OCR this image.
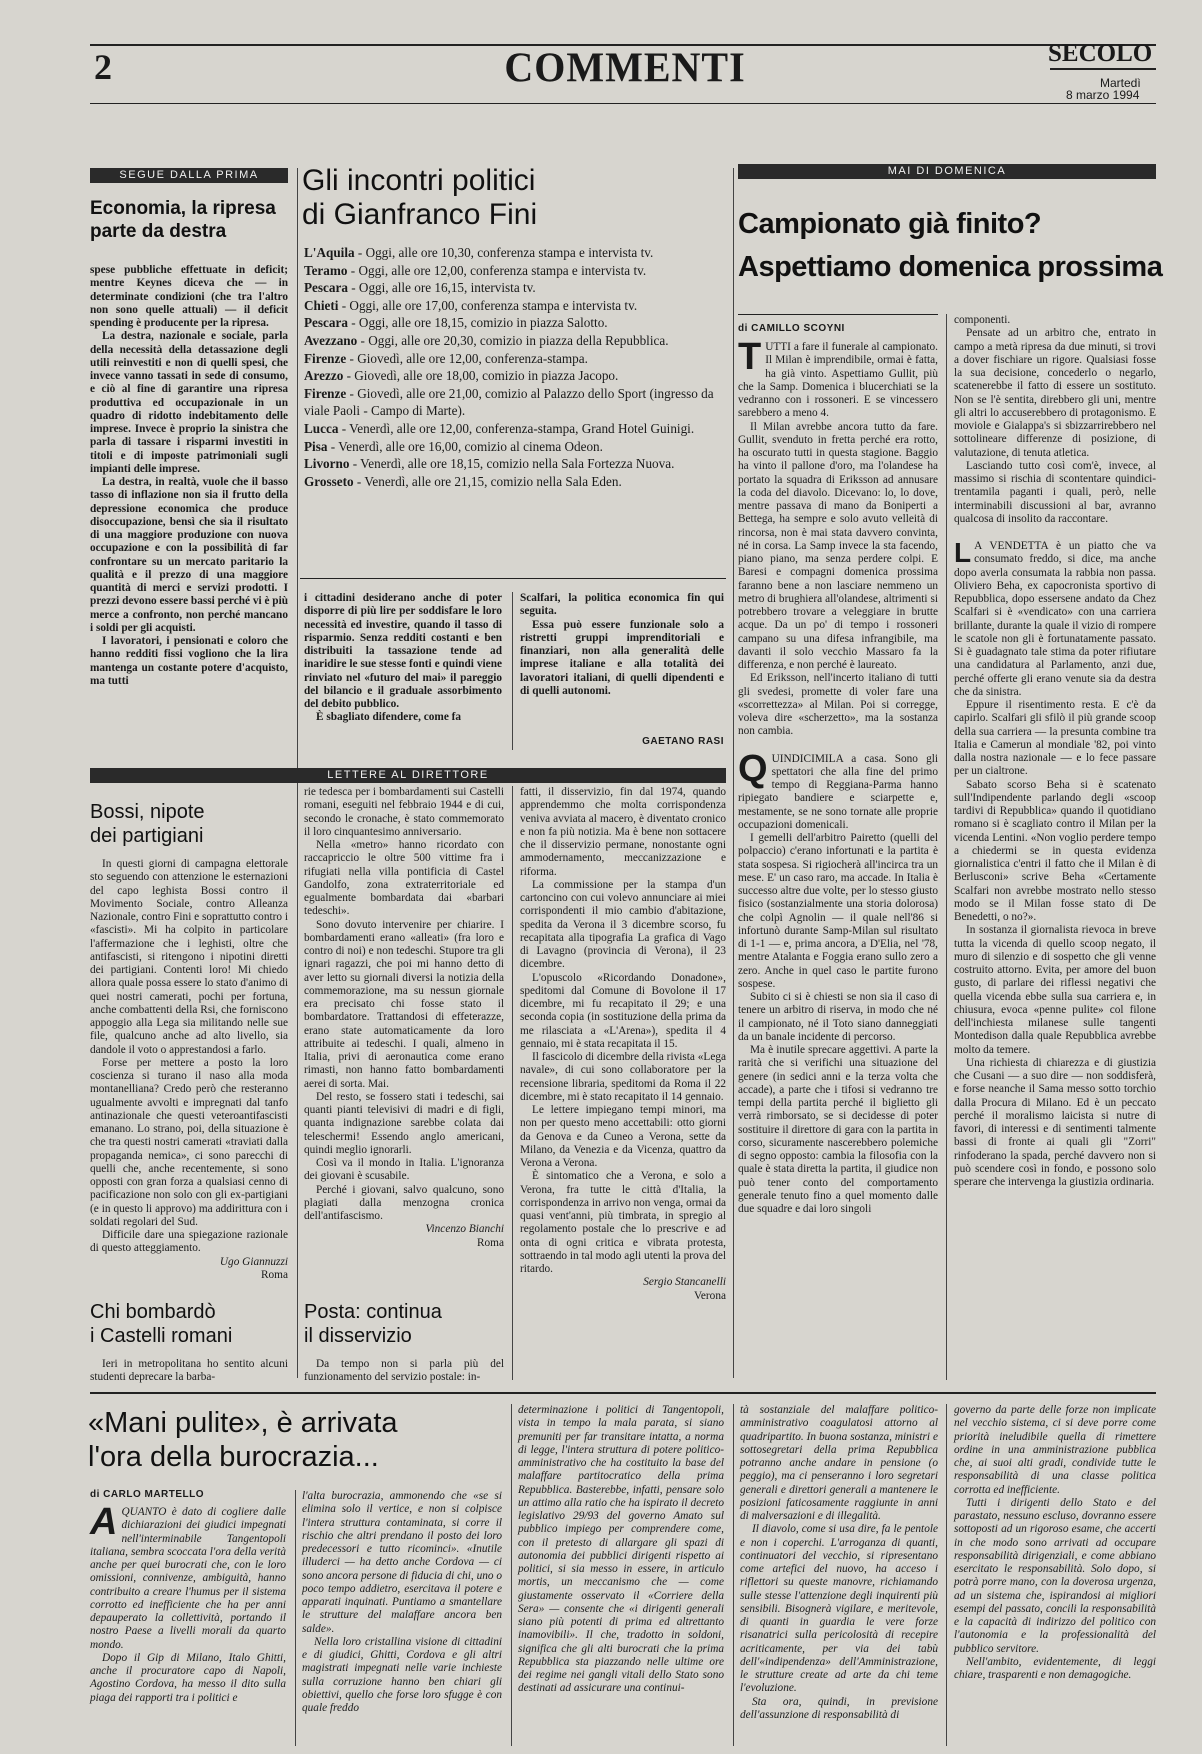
2	COMMENTI	SECOLO
Martedì
8 marzo 1994
SEGUE DALLA PRIMA
Economia, la ripresa parte da destra

spese pubbliche effettuate in deficit; mentre Keynes diceva che — in determinate condizioni (che tra l'altro non sono quelle attuali) — il deficit spending è producente per la ripresa.

La destra, nazionale e sociale, parla della necessità della detassazione degli utili reinvestiti e non di quelli spesi, che invece vanno tassati in sede di consumo, e ciò al fine di garantire una ripresa produttiva ed occupazionale in un quadro di ridotto indebitamento delle imprese. Invece è proprio la sinistra che parla di tassare i risparmi investiti in titoli e di imposte patrimoniali sugli impianti delle imprese.

La destra, in realtà, vuole che il basso tasso di inflazione non sia il frutto della depressione economica che produce disoccupazione, bensì che sia il risultato di una maggiore produzione con nuova occupazione e con la possibilità di far confrontare su un mercato paritario la qualità e il prezzo di una maggiore quantità di merci e servizi prodotti. I prezzi devono essere bassi perché vi è più merce a confronto, non perché mancano i soldi per gli acquisti.

I lavoratori, i pensionati e coloro che hanno redditi fissi vogliono che la lira mantenga un costante potere d'acquisto, ma tutti

Gli incontri politici
di Gianfranco Fini
L'Aquila - Oggi, alle ore 10,30, conferenza stampa e intervista tv.
Teramo - Oggi, alle ore 12,00, conferenza stampa e intervista tv.
Pescara - Oggi, alle ore 16,15, intervista tv.
Chieti - Oggi, alle ore 17,00, conferenza stampa e intervista tv.
Pescara - Oggi, alle ore 18,15, comizio in piazza Salotto.
Avezzano - Oggi, alle ore 20,30, comizio in piazza della Repubblica.
Firenze - Giovedì, alle ore 12,00, conferenza-stampa.
Arezzo - Giovedì, alle ore 18,00, comizio in piazza Jacopo.
Firenze - Giovedì, alle ore 21,00, comizio al Palazzo dello Sport (ingresso da viale Paoli - Campo di Marte).
Lucca - Venerdì, alle ore 12,00, conferenza-stampa, Grand Hotel Guinigi.
Pisa - Venerdì, alle ore 16,00, comizio al cinema Odeon.
Livorno - Venerdì, alle ore 18,15, comizio nella Sala Fortezza Nuova.
Grosseto - Venerdì, alle ore 21,15, comizio nella Sala Eden.

i cittadini desiderano anche di poter disporre di più lire per soddisfare le loro necessità ed investire, quando il tasso di risparmio. Senza redditi costanti e ben distribuiti la tassazione tende ad inaridire le sue stesse fonti e quindi viene rinviato nel «futuro del mai» il pareggio del bilancio e il graduale assorbimento del debito pubblico.

È sbagliato difendere, come fa

Scalfari, la politica economica fin qui seguita.

Essa può essere funzionale solo a ristretti gruppi imprenditoriali e finanziari, non alla generalità delle imprese italiane e alla totalità dei lavoratori italiani, di quelli dipendenti e di quelli autonomi.

GAETANO RASI
LETTERE AL DIRETTORE
Bossi, nipote
dei partigiani

In questi giorni di campagna elettorale sto seguendo con attenzione le esternazioni del capo leghista Bossi contro il Movimento Sociale, contro Alleanza Nazionale, contro Fini e soprattutto contro i «fascisti». Mi ha colpito in particolare l'affermazione che i leghisti, oltre che antifascisti, si ritengono i nipotini diretti dei partigiani. Contenti loro! Mi chiedo allora quale possa essere lo stato d'animo di quei nostri camerati, pochi per fortuna, anche combattenti della Rsi, che forniscono appoggio alla Lega sia militando nelle sue file, qualcuno anche ad alto livello, sia dandole il voto o apprestandosi a farlo.

Forse per mettere a posto la loro coscienza si turano il naso alla moda montanelliana? Credo però che resteranno ugualmente avvolti e impregnati dal tanfo antinazionale che questi veteroantifascisti emanano. Lo strano, poi, della situazione è che tra questi nostri camerati «traviati dalla propaganda nemica», ci sono parecchi di quelli che, anche recentemente, si sono opposti con gran forza a qualsiasi cenno di pacificazione non solo con gli ex-partigiani (e in questo li approvo) ma addirittura con i soldati regolari del Sud.

Difficile dare una spiegazione razionale di questo atteggiamento.

Ugo Giannuzzi
Roma
Chi bombardò
i Castelli romani

Ieri in metropolitana ho sentito alcuni studenti deprecare la barba-

rie tedesca per i bombardamenti sui Castelli romani, eseguiti nel febbraio 1944 e di cui, secondo le cronache, è stato commemorato il loro cinquantesimo anniversario.

Nella «metro» hanno ricordato con raccapriccio le oltre 500 vittime fra i rifugiati nella villa pontificia di Castel Gandolfo, zona extraterritoriale ed egualmente bombardata dai «barbari tedeschi».

Sono dovuto intervenire per chiarire. I bombardamenti erano «alleati» (fra loro e contro di noi) e non tedeschi. Stupore tra gli ignari ragazzi, che poi mi hanno detto di aver letto su giornali diversi la notizia della commemorazione, ma su nessun giornale era precisato chi fosse stato il bombardatore. Trattandosi di effeterazze, erano state automaticamente da loro attribuite ai tedeschi. I quali, almeno in Italia, privi di aeronautica come erano rimasti, non hanno fatto bombardamenti aerei di sorta. Mai.

Del resto, se fossero stati i tedeschi, sai quanti pianti televisivi di madri e di figli, quanta indignazione sarebbe colata dai teleschermi! Essendo anglo americani, quindi meglio ignorarli.

Così va il mondo in Italia. L'ignoranza dei giovani è scusabile.

Perché i giovani, salvo qualcuno, sono plagiati dalla menzogna cronica dell'antifascismo.

Vincenzo Bianchi
Roma
Posta: continua
il disservizio

Da tempo non si parla più del funzionamento del servizio postale: in-

fatti, il disservizio, fin dal 1974, quando apprendemmo che molta corrispondenza veniva avviata al macero, è diventato cronico e non fa più notizia. Ma è bene non sottacere che il disservizio permane, nonostante ogni ammodernamento, meccanizzazione e riforma.

La commissione per la stampa d'un cartoncino con cui volevo annunciare ai miei corrispondenti il mio cambio d'abitazione, spedita da Verona il 3 dicembre scorso, fu recapitata alla tipografia La grafica di Vago di Lavagno (provincia di Verona), il 23 dicembre.

L'opuscolo «Ricordando Donadone», speditomi dal Comune di Bovolone il 17 dicembre, mi fu recapitato il 29; e una seconda copia (in sostituzione della prima da me rilasciata a «L'Arena»), spedita il 4 gennaio, mi è stata recapitata il 15.

Il fascicolo di dicembre della rivista «Lega navale», di cui sono collaboratore per la recensione libraria, speditomi da Roma il 22 dicembre, mi è stato recapitato il 14 gennaio.

Le lettere impiegano tempi minori, ma non per questo meno accettabili: otto giorni da Genova e da Cuneo a Verona, sette da Milano, da Venezia e da Vicenza, quattro da Verona a Verona.

È sintomatico che a Verona, e solo a Verona, fra tutte le città d'Italia, la corrispondenza in arrivo non venga, ormai da quasi vent'anni, più timbrata, in spregio al regolamento postale che lo prescrive e ad onta di ogni critica e vibrata protesta, sottraendo in tal modo agli utenti la prova del ritardo.

Sergio Stancanelli
Verona
MAI DI DOMENICA
Campionato già finito?
Aspettiamo domenica prossima
di CAMILLO SCOYNI

TUTTI a fare il funerale al campionato. Il Milan è imprendibile, ormai è fatta, ha già vinto. Aspettiamo Gullit, più che la Samp. Domenica i blucerchiati se la vedranno con i rossoneri. E se vincessero sarebbero a meno 4.

Il Milan avrebbe ancora tutto da fare. Gullit, svenduto in fretta perché era rotto, ha oscurato tutti in questa stagione. Baggio ha vinto il pallone d'oro, ma l'olandese ha portato la squadra di Eriksson ad annusare la coda del diavolo. Dicevano: lo, lo dove, mentre passava di mano da Boniperti a Bettega, ha sempre e solo avuto velleità di rincorsa, non è mai stata davvero convinta, né in corsa. La Samp invece la sta facendo, piano piano, ma senza perdere colpi. E Baresi e compagni domenica prossima faranno bene a non lasciare nemmeno un metro di brughiera all'olandese, altrimenti si potrebbero trovare a veleggiare in brutte acque. Da un po' di tempo i rossoneri campano su una difesa infrangibile, ma davanti il solo vecchio Massaro fa la differenza, e non perché è laureato.

Ed Eriksson, nell'incerto italiano di tutti gli svedesi, promette di voler fare una «scorrettezza» al Milan. Poi si corregge, voleva dire «scherzetto», ma la sostanza non cambia.

QUINDICIMILA a casa. Sono gli spettatori che alla fine del primo tempo di Reggiana-Parma hanno ripiegato bandiere e sciarpette e, mestamente, se ne sono tornate alle proprie occupazioni domenicali.

I gemelli dell'arbitro Pairetto (quelli del polpaccio) c'erano infortunati e la partita è stata sospesa. Si rigiocherà all'incirca tra un mese. E' un caso raro, ma accade. In Italia è successo altre due volte, per lo stesso giusto fisico (sostanzialmente una storia dolorosa) che colpì Agnolin — il quale nell'86 si infortunò durante Samp-Milan sul risultato di 1-1 — e, prima ancora, a D'Elia, nel '78, mentre Atalanta e Foggia erano sullo zero a zero. Anche in quel caso le partite furono sospese.

Subito ci si è chiesti se non sia il caso di tenere un arbitro di riserva, in modo che né il campionato, né il Toto siano danneggiati da un banale incidente di percorso.

Ma è inutile sprecare aggettivi. A parte la rarità che si verifichi una situazione del genere (in sedici anni e la terza volta che accade), a parte che i tifosi si vedranno tre tempi della partita perché il biglietto gli verrà rimborsato, se si decidesse di poter sostituire il direttore di gara con la partita in corso, sicuramente nascerebbero polemiche di segno opposto: cambia la filosofia con la quale è stata diretta la partita, il giudice non può tener conto del comportamento generale tenuto fino a quel momento dalle due squadre e dai loro singoli

componenti.

Pensate ad un arbitro che, entrato in campo a metà ripresa da due minuti, si trovi a dover fischiare un rigore. Qualsiasi fosse la sua decisione, concederlo o negarlo, scatenerebbe il fatto di essere un sostituto. Non se l'è sentita, direbbero gli uni, mentre gli altri lo accuserebbero di protagonismo. E moviole e Gialappa's si sbizzarrirebbero nel sottolineare differenze di posizione, di valutazione, di tenuta atletica.

Lasciando tutto così com'è, invece, al massimo si rischia di scontentare quindici-trentamila paganti i quali, però, nelle interminabili discussioni al bar, avranno qualcosa di insolito da raccontare.

L A VENDETTA è un piatto che va consumato freddo, si dice, ma anche dopo averla consumata la rabbia non passa. Oliviero Beha, ex capocronista sportivo di Repubblica, dopo essersene andato da Chez Scalfari si è «vendicato» con una carriera brillante, durante la quale il vizio di rompere le scatole non gli è fortunatamente passato. Si è guadagnato tale stima da poter rifiutare una candidatura al Parlamento, anzi due, perché offerte gli erano venute sia da destra che da sinistra.

Eppure il risentimento resta. E c'è da capirlo. Scalfari gli sfilò il più grande scoop della sua carriera — la presunta combine tra Italia e Camerun al mondiale '82, poi vinto dalla nostra nazionale — e lo fece passare per un cialtrone.

Sabato scorso Beha si è scatenato sull'Indipendente parlando degli «scoop tardivi di Repubblica» quando il quotidiano romano si è scagliato contro il Milan per la vicenda Lentini. «Non voglio perdere tempo a chiedermi se in questa evidenza giornalistica c'entri il fatto che il Milan è di Berlusconi» scrive Beha «Certamente Scalfari non avrebbe mostrato nello stesso modo se il Milan fosse stato di De Benedetti, o no?».

In sostanza il giornalista rievoca in breve tutta la vicenda di quello scoop negato, il muro di silenzio e di sospetto che gli venne costruito attorno. Evita, per amore del buon gusto, di parlare dei riflessi negativi che quella vicenda ebbe sulla sua carriera e, in chiusura, evoca «penne pulite» col filone dell'inchiesta milanese sulle tangenti Montedison dalla quale Repubblica avrebbe molto da temere.

Una richiesta di chiarezza e di giustizia che Cusani — a suo dire — non soddisferà, e forse neanche il Sama messo sotto torchio dalla Procura di Milano. Ed è un peccato perché il moralismo laicista si nutre di favori, di interessi e di sentimenti talmente bassi di fronte ai quali gli "Zorri" rinfoderano la spada, perché davvero non si può scendere così in fondo, e possono solo sperare che intervenga la giustizia ordinaria.

«Mani pulite», è arrivata
l'ora della burocrazia...
di CARLO MARTELLO

AQUANTO è dato di cogliere dalle dichiarazioni dei giudici impegnati nell'interminabile Tangentopoli italiana, sembra scoccata l'ora della verità anche per quei burocrati che, con le loro omissioni, connivenze, ambiguità, hanno contribuito a creare l'humus per il sistema corrotto ed inefficiente che ha per anni depauperato la collettività, portando il nostro Paese a livelli morali da quarto mondo.

Dopo il Gip di Milano, Italo Ghitti, anche il procuratore capo di Napoli, Agostino Cordova, ha messo il dito sulla piaga dei rapporti tra i politici e

l'alta burocrazia, ammonendo che «se si elimina solo il vertice, e non si colpisce l'intera struttura contaminata, si corre il rischio che altri prendano il posto dei loro predecessori e tutto ricominci». «Inutile illuderci — ha detto anche Cordova — ci sono ancora persone di fiducia di chi, uno o poco tempo addietro, esercitava il potere e apparati inquinati. Puntiamo a smantellare le strutture del malaffare ancora ben salde».

Nella loro cristallina visione di cittadini e di giudici, Ghitti, Cordova e gli altri magistrati impegnati nelle varie inchieste sulla corruzione hanno ben chiari gli obiettivi, quello che forse loro sfugge è con quale freddo

determinazione i politici di Tangentopoli, vista in tempo la mala parata, si siano premuniti per far transitare intatta, a norma di legge, l'intera struttura di potere politico-amministrativo che ha costituito la base del malaffare partitocratico della prima Repubblica. Basterebbe, infatti, pensare solo un attimo alla ratio che ha ispirato il decreto legislativo 29/93 del governo Amato sul pubblico impiego per comprendere come, con il pretesto di allargare gli spazi di autonomia dei pubblici dirigenti rispetto ai politici, si sia messo in essere, in articulo mortis, un meccanismo che — come giustamente osservato il «Corriere della Sera» — consente che «i dirigenti generali siano più potenti di prima ed altrettanto inamovibili». Il che, tradotto in soldoni, significa che gli alti burocrati che la prima Repubblica sta piazzando nelle ultime ore dei regime nei gangli vitali dello Stato sono destinati ad assicurare una continui-

tà sostanziale del malaffare politico-amministrativo coagulatosi attorno al quadripartito. In buona sostanza, ministri e sottosegretari della prima Repubblica potranno anche andare in pensione (o peggio), ma ci penseranno i loro segretari generali e direttori generali a mantenere le posizioni faticosamente raggiunte in anni di malversazioni e di illegalità.

Il diavolo, come si usa dire, fa le pentole e non i coperchi. L'arroganza di quanti, continuatori del vecchio, si ripresentano come artefici del nuovo, ha acceso i riflettori su queste manovre, richiamando sulle stesse l'attenzione degli inquirenti più sensibili. Bisognerà vigilare, e meritevole, di quanti in guardia le vere forze risanatrici sulla pericolosità di recepire acriticamente, per via dei tabù dell'«indipendenza» dell'Amministrazione, le strutture create ad arte da chi teme l'evoluzione.

Sta ora, quindi, in previsione dell'assunzione di responsabilità di

governo da parte delle forze non implicate nel vecchio sistema, ci si deve porre come priorità ineludibile quella di rimettere ordine in una amministrazione pubblica che, ai suoi alti gradi, condivide tutte le responsabilità di una classe politica corrotta ed inefficiente.

Tutti i dirigenti dello Stato e del parastato, nessuno escluso, dovranno essere sottoposti ad un rigoroso esame, che accerti in che modo sono arrivati ad occupare responsabilità dirigenziali, e come abbiano esercitato le responsabilità. Solo dopo, si potrà porre mano, con la doverosa urgenza, ad un sistema che, ispirandosi ai migliori esempi del passato, concili la responsabilità e la capacità di indirizzo del politico con l'autonomia e la professionalità del pubblico servitore.

Nell'ambito, evidentemente, di leggi chiare, trasparenti e non demagogiche.
